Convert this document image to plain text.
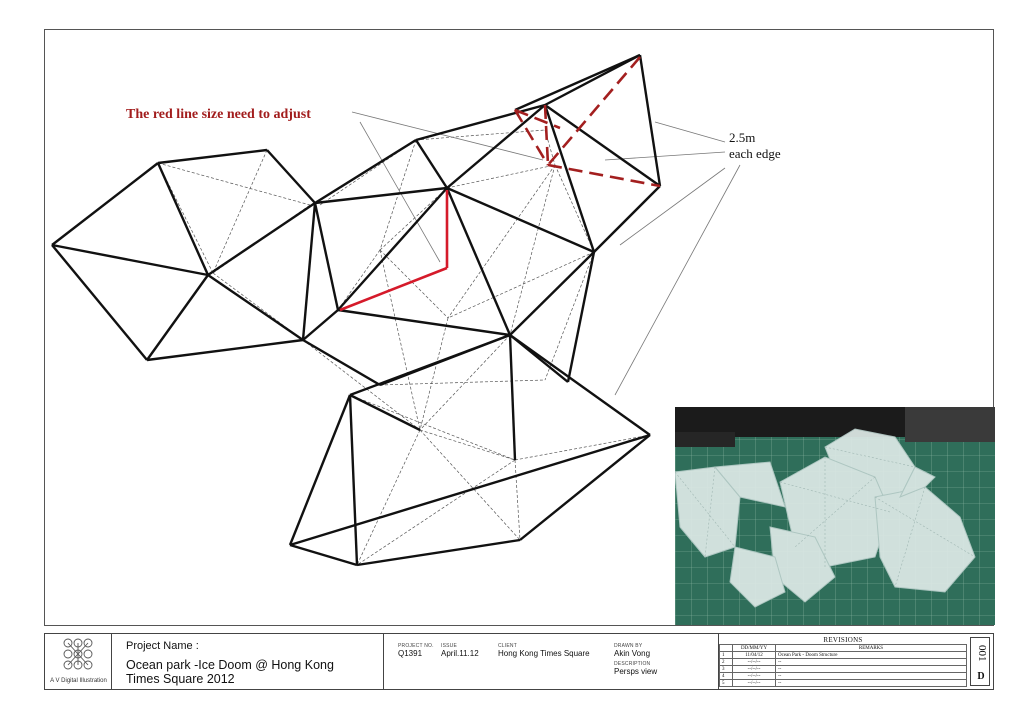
The red line size need to adjust
2.5m
each edge
A V Digital Illustration
Project Name :
Ocean park -Ice Doom @ Hong Kong
Times Square 2012
PROJECT NO.
Q1391
ISSUE
April.11.12
CLIENT
Hong Kong Times Square
DRAWN BY
Akin Vong
DESCRIPTION
Persps view
REVISIONS
	DD/MM/YY	REMARKS
1	11/04/12	Ocean Park - Doom Structure
2	--/--/--	--
3	--/--/--	--
4	--/--/--	--
5	--/--/--	--
001
D
